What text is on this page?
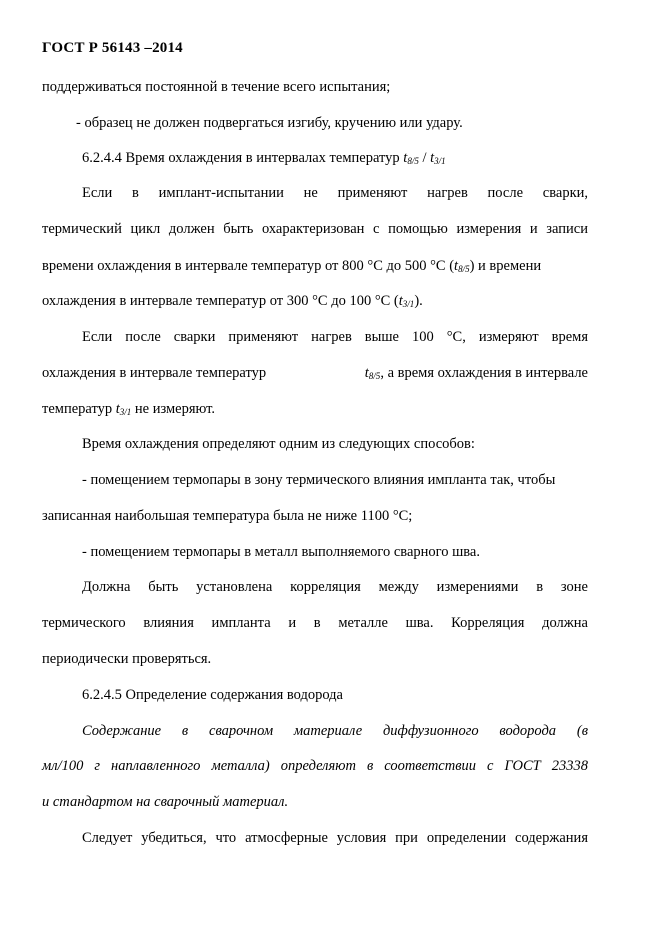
ГОСТ Р 56143 –2014
поддерживаться постоянной в течение всего испытания;
- образец не должен подвергаться изгибу, кручению или удару.
6.2.4.4 Время охлаждения в интервалах температур $t_{8/5} / t_{3/1}$
Если в имплант-испытании не применяют нагрев после сварки,
термический цикл должен быть охарактеризован с помощью измерения и записи
времени охлаждения в интервале температур от 800 °С до 500 °С $(t_{8/5})$ и времени
охлаждения в интервале температур от 300 °С до 100 °С $(t_{3/1})$.
Если после сварки применяют нагрев выше 100 °С, измеряют время
охлаждения в интервале температур	$t_{8/5}$, а время охлаждения в интервале
температур $t_{3/1}$ не измеряют.
Время охлаждения определяют одним из следующих способов:
- помещением термопары в зону термического влияния импланта так, чтобы
записанная наибольшая температура была не ниже 1100 °С;
- помещением термопары в металл выполняемого сварного шва.
Должна быть установлена корреляция между измерениями в зоне
термического влияния импланта и в металле шва. Корреляция должна
периодически проверяться.
6.2.4.5 Определение содержания водорода
Содержание в сварочном материале диффузионного водорода (в
мл/100 г наплавленного металла) определяют в соответствии с ГОСТ 23338
и стандартом на сварочный материал.
Следует убедиться, что атмосферные условия при определении содержания
